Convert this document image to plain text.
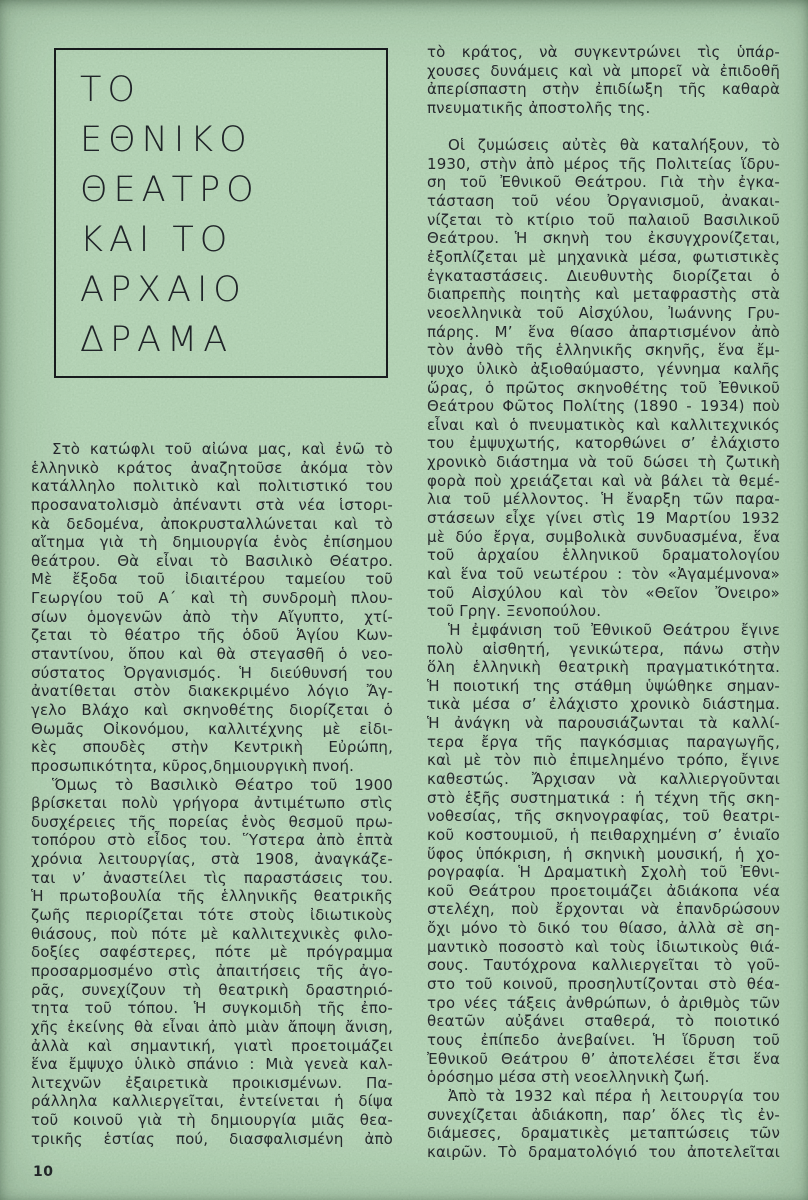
ΤΟ
ΕΘΝΙΚΟ
ΘΕΑΤΡΟ
ΚΑΙ ΤΟ
ΑΡΧΑΙΟ
ΔΡΑΜΑ
Στὸ κατώφλι τοῦ αἰώνα μας, καὶ ἐνῶ τὸ
ἑλληνικὸ κράτος ἀναζητοῦσε ἀκόμα τὸν
κατάλληλο πολιτικὸ καὶ πολιτιστικό του
προσανατολισμὸ ἀπέναντι στὰ νέα ἱστορι-
κὰ δεδομένα, ἀποκρυσταλλώνεται καὶ τὸ
αἴτημα γιὰ τὴ δημιουργία ἑνὸς ἐπίσημου
θεάτρου. Θὰ εἶναι τὸ Βασιλικὸ Θέατρο.
Μὲ ἔξοδα τοῦ ἰδιαιτέρου ταμείου τοῦ
Γεωργίου τοῦ Α΄ καὶ τὴ συνδρομὴ πλου-
σίων ὁμογενῶν ἀπὸ τὴν Αἴγυπτο, χτί-
ζεται τὸ θέατρο τῆς ὁδοῦ Ἁγίου Κων-
σταντίνου, ὅπου καὶ θὰ στεγασθῆ ὁ νεο-
σύστατος Ὀργανισμός. Ἡ διεύθυνσή του
ἀνατίθεται στὸν διακεκριμένο λόγιο Ἄγ-
γελο Βλάχο καὶ σκηνοθέτης διορίζεται ὁ
Θωμᾶς Οἰκονόμου, καλλιτέχνης μὲ εἰδι-
κὲς σπουδὲς στὴν Κεντρικὴ Εὐρώπη,
προσωπικότητα, κῦρος,δημιουργικὴ πνοή.
Ὅμως τὸ Βασιλικὸ Θέατρο τοῦ 1900
βρίσκεται πολὺ γρήγορα ἀντιμέτωπο στὶς
δυσχέρειες τῆς πορείας ἑνὸς θεσμοῦ πρω-
τοπόρου στὸ εἶδος του. Ὕστερα ἀπὸ ἑπτὰ
χρόνια λειτουργίας, στὰ 1908, ἀναγκάζε-
ται ν’ ἀναστείλει τὶς παραστάσεις του.
Ἡ πρωτοβουλία τῆς ἑλληνικῆς θεατρικῆς
ζωῆς περιορίζεται τότε στοὺς ἰδιωτικοὺς
θιάσους, ποὺ πότε μὲ καλλιτεχνικὲς φιλο-
δοξίες σαφέστερες, πότε μὲ πρόγραμμα
προσαρμοσμένο στὶς ἀπαιτήσεις τῆς ἀγο-
ρᾶς, συνεχίζουν τὴ θεατρικὴ δραστηριό-
τητα τοῦ τόπου. Ἡ συγκομιδὴ τῆς ἐπο-
χῆς ἐκείνης θὰ εἶναι ἀπὸ μιὰν ἄποψη ἄνιση,
ἀλλὰ καὶ σημαντική, γιατὶ προετοιμάζει
ἕνα ἔμψυχο ὑλικὸ σπάνιο : Μιὰ γενεὰ καλ-
λιτεχνῶν ἐξαιρετικὰ προικισμένων. Πα-
ράλληλα καλλιεργεῖται, ἐντείνεται ἡ δίψα
τοῦ κοινοῦ γιὰ τὴ δημιουργία μιᾶς θεα-
τρικῆς ἑστίας πού, διασφαλισμένη ἀπὸ
τὸ κράτος, νὰ συγκεντρώνει τὶς ὑπάρ-
χουσες δυνάμεις καὶ νὰ μπορεῖ νὰ ἐπιδοθῆ
ἀπερίσπαστη στὴν ἐπιδίωξη τῆς καθαρὰ
πνευματικῆς ἀποστολῆς της.
Οἱ ζυμώσεις αὐτὲς θὰ καταλήξουν, τὸ
1930, στὴν ἀπὸ μέρος τῆς Πολιτείας ἵδρυ-
ση τοῦ Ἐθνικοῦ Θεάτρου. Γιὰ τὴν ἐγκα-
τάσταση τοῦ νέου Ὀργανισμοῦ, ἀνακαι-
νίζεται τὸ κτίριο τοῦ παλαιοῦ Βασιλικοῦ
Θεάτρου. Ἡ σκηνὴ του ἐκσυγχρονίζεται,
ἐξοπλίζεται μὲ μηχανικὰ μέσα, φωτιστικὲς
ἐγκαταστάσεις. Διευθυντὴς διορίζεται ὁ
διαπρεπὴς ποιητὴς καὶ μεταφραστὴς στὰ
νεοελληνικὰ τοῦ Αἰσχύλου, Ἰωάννης Γρυ-
πάρης. Μ’ ἕνα θίασο ἀπαρτισμένον ἀπὸ
τὸν ἀνθὸ τῆς ἑλληνικῆς σκηνῆς, ἕνα ἔμ-
ψυχο ὑλικὸ ἀξιοθαύμαστο, γέννημα καλῆς
ὥρας, ὁ πρῶτος σκηνοθέτης τοῦ Ἐθνικοῦ
Θεάτρου Φῶτος Πολίτης (1890 - 1934) ποὺ
εἶναι καὶ ὁ πνευματικὸς καὶ καλλιτεχνικός
του ἐμψυχωτής, κατορθώνει σ’ ἐλάχιστο
χρονικὸ διάστημα νὰ τοῦ δώσει τὴ ζωτικὴ
φορὰ ποὺ χρειάζεται καὶ νὰ βάλει τὰ θεμέ-
λια τοῦ μέλλοντος. Ἡ ἔναρξη τῶν παρα-
στάσεων εἶχε γίνει στὶς 19 Μαρτίου 1932
μὲ δύο ἔργα, συμβολικὰ συνδυασμένα, ἕνα
τοῦ ἀρχαίου ἑλληνικοῦ δραματολογίου
καὶ ἕνα τοῦ νεωτέρου : τὸν «Ἀγαμέμνονα»
τοῦ Αἰσχύλου καὶ τὸν «Θεῖον Ὄνειρο»
τοῦ Γρηγ. Ξενοπούλου.
Ἡ ἐμφάνιση τοῦ Ἐθνικοῦ Θεάτρου ἔγινε
πολὺ αἰσθητή, γενικώτερα, πάνω στὴν
ὅλη ἑλληνικὴ θεατρικὴ πραγματικότητα.
Ἡ ποιοτική της στάθμη ὑψώθηκε σημαν-
τικὰ μέσα σ’ ἐλάχιστο χρονικὸ διάστημα.
Ἡ ἀνάγκη νὰ παρουσιάζωνται τὰ καλλί-
τερα ἔργα τῆς παγκόσμιας παραγωγῆς,
καὶ μὲ τὸν πιὸ ἐπιμελημένο τρόπο, ἔγινε
καθεστώς. Ἄρχισαν νὰ καλλιεργοῦνται
στὸ ἑξῆς συστηματικά : ἡ τέχνη τῆς σκη-
νοθεσίας, τῆς σκηνογραφίας, τοῦ θεατρι-
κοῦ κοστουμιοῦ, ἡ πειθαρχημένη σ’ ἑνιαῖο
ὕφος ὑπόκριση, ἡ σκηνικὴ μουσική, ἡ χο-
ρογραφία. Ἡ Δραματικὴ Σχολὴ τοῦ Ἐθνι-
κοῦ Θεάτρου προετοιμάζει ἀδιάκοπα νέα
στελέχη, ποὺ ἔρχονται νὰ ἐπανδρώσουν
ὄχι μόνο τὸ δικό του θίασο, ἀλλὰ σὲ ση-
μαντικὸ ποσοστὸ καὶ τοὺς ἰδιωτικοὺς θιά-
σους. Ταυτόχρονα καλλιεργεῖται τὸ γοῦ-
στο τοῦ κοινοῦ, προσηλυτίζονται στὸ θέα-
τρο νέες τάξεις ἀνθρώπων, ὁ ἀριθμὸς τῶν
θεατῶν αὐξάνει σταθερά, τὸ ποιοτικό
τους ἐπίπεδο ἀνεβαίνει. Ἡ ἵδρυση τοῦ
Ἐθνικοῦ Θεάτρου θ’ ἀποτελέσει ἔτσι ἕνα
ὁρόσημο μέσα στὴ νεοελληνικὴ ζωή.
Ἀπὸ τὰ 1932 καὶ πέρα ἡ λειτουργία του
συνεχίζεται ἀδιάκοπη, παρ’ ὅλες τὶς ἐν-
διάμεσες, δραματικὲς μεταπτώσεις τῶν
καιρῶν. Τὸ δραματολόγιό του ἀποτελεῖται
10
